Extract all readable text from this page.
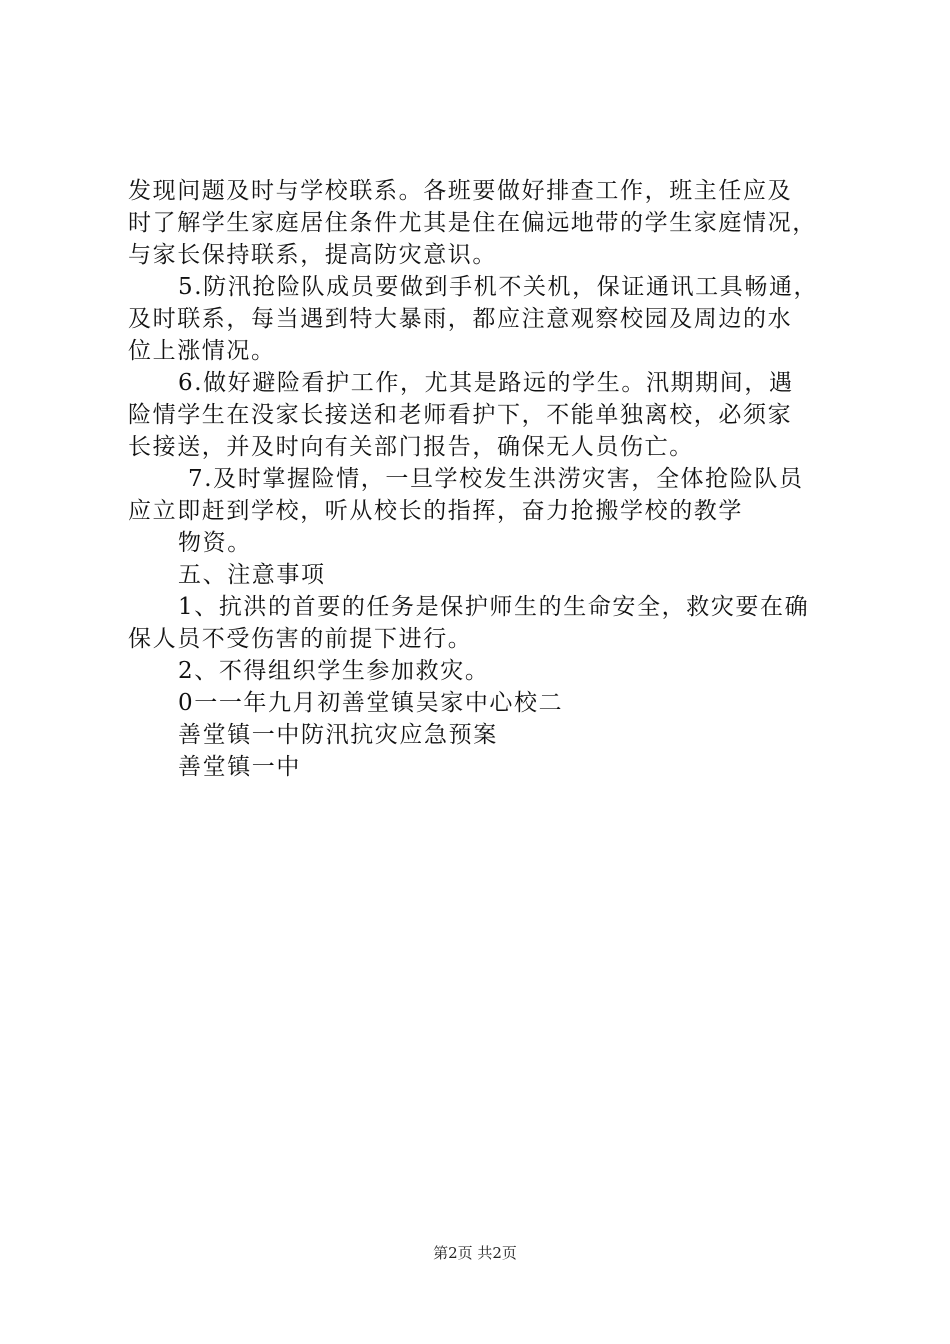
发现问题及时与学校联系。各班要做好排查工作，班主任应及
时了解学生家庭居住条件尤其是住在偏远地带的学生家庭情况，
与家长保持联系，提高防灾意识。
5.防汛抢险队成员要做到手机不关机，保证通讯工具畅通，
及时联系，每当遇到特大暴雨，都应注意观察校园及周边的水
位上涨情况。
6.做好避险看护工作，尤其是路远的学生。汛期期间，遇
险情学生在没家长接送和老师看护下，不能单独离校，必须家
长接送，并及时向有关部门报告，确保无人员伤亡。
7.及时掌握险情，一旦学校发生洪涝灾害，全体抢险队员
应立即赶到学校，听从校长的指挥，奋力抢搬学校的教学
物资。
五、注意事项
1、抗洪的首要的任务是保护师生的生命安全，救灾要在确
保人员不受伤害的前提下进行。
2、不得组织学生参加救灾。
0一一年九月初善堂镇吴家中心校二
善堂镇一中防汛抗灾应急预案
善堂镇一中
第2页 共2页
